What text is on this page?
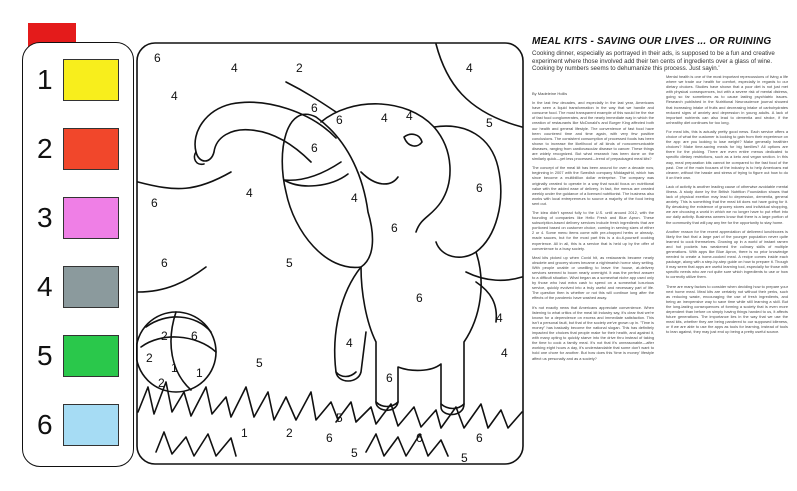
1
2
3
4
5
6
6
6
6
4
4	2	4
6
6	4 4
6
6
6
6
6
4
4
4
4	4
2 6
1 1
2
2
1	2	6	6	6
5
5	5
5
5
5
MEAL KITS - SAVING OUR LIVES ... OR RUINING
Cooking dinner, especially as portrayed in their ads, is supposed to be a fun and creative experiment where those involved add their ten cents of ingredients over a glass of wine. Cooking by numbers seems to dehumanize this process. Just sayin.'

By Madeleine Hollis

In the last few decades, and especially in the last year, Americans have seen a liquid transformation in the way that we handle and consume food. The most transparent example of this would be the rise of fast food conglomerates, and the nearly immediate way in which the creation of restaurants like McDonald's and Burger King affected both our health and general lifestyle. The convenience of fast food have been countered time and time again, with very few positive conclusions. The consistent consumption of processed foods has been shown to increase the likelihood of all kinds of noncommunicable diseases, ranging from cardiovascular disease to cancer. These things are widely recognized. But what research has been done on the similarly quick—yet less processed—trend of prepackaged meal kits?

The concept of the meal kit has been around for over a decade now, beginning in 2007 with the Swedish company Middagsfrid, which has since become a multibillion dollar enterprise. The company was originally created to operate in a way that would focus on nutritional value with the added ease of delivery. In fact, the menus are created weekly under the guidance of a licensed nutritionist. The business also works with local entrepreneurs to source a majority of the food being sent out.

The idea didn't spread fully to the U.S. until around 2012, with the founding of companies like Hello Fresh and Blue Apron. These subscription-based delivery services include fresh ingredients that are portioned based on customer choice, coming in serving sizes of either 2 or 4. Some menu items come with pre-chopped herbs or already-made sauces, but for the most part this is a do-it-yourself cooking experience. All in all, this is a service that is held up by the offer of convenience to a busy society.

Meal kits picked up when Covid hit, as restaurants became nearly obsolete and grocery stores became a nightmarish horror story setting. With people unable or unwilling to leave the house, at-delivery services seemed to boom nearly overnight. It was the perfect answer to a difficult situation. What began as a somewhat niche app used only by those who had extra cash to spend on a somewhat luxurious service, quickly evolved into a truly useful and necessary part of life. The question then is whether or not this will continue long after the effects of the pandemic have washed away.

It's not exactly news that Americans appreciate convenience. When listening to what critics of the meal kit industry say, it's clear that we're known for a dependence on excess and immediate satisfaction. This isn't a personal fault, but that of the society we've grown up in. "Time is money" has basically become the national slogan. This has definitely impacted the choices that people make for their health, and against it, with many opting to quickly starve into the drive thru instead of taking the time to cook a family meal. It's not that it's unreasonable—after working eight hours a day, it's understandable that some don't want to hold one chore for another. But how does this 'time is money' lifestyle affect us personally and as a society?

Mental health is one of the most important repercussions of living a life where we trade our health for comfort, especially in regards to our dietary choices. Studies have shown that a poor diet is not just met with physical consequences, but with a severe risk of mental distress, going so far sometimes as to cause lasting psychiatric issues. Research published in the Nutritional Neuroscience journal showed that increasing intake of fruits and decreasing intake of carbohydrates reduced signs of anxiety and depression in young adults. A lack of important nutrients can also lead to dementia and stroke, if the unhealthy diet continues for too long.

For meal kits, this is actually pretty good news. Each service offers a choice of what the customer is looking to gain from their experience on the app: are you looking to lose weight? Make generally healthier choices? Make time-saving meals for big families? All options are there for the picking. There are even entire menus dedicated to specific dietary restrictions, such as a keto and vegan section. In this way, meal preparation kits cannot be compared to the fast food of the past. One of the main focuses of the industry is to help Americans eat cleaner, without the hassle and stress of trying to figure out how to do it on their own.

Lack of activity is another leading cause of otherwise avoidable mental illness. A study done by the British Nutrition Foundation shows that lack of physical exertion may lead to depression, dementia, general anxiety. This is something that the meal kit does not have going for it. By devaluing the existence of grocery stores and individual shopping, we are choosing a world in which we no longer have to put effort into our daily activity. Business owners know that there is a large portion of the community that will pay any fee for the opportunity to stay home.

Another reason for the recent appreciation of delivered lunchboxes is likely the fact that a large part of the younger population never quite learned to cook themselves. Growing up in a world of instant ramen and hot pockets has weakened the culinary skills of multiple generations. With apps like Blue Apron, there is no prior knowledge needed to create a home-cooked meal. A recipe comes inside each package, along with a step-by-step guide on how to prepare it. Though it may seem that apps are useful learning tool, especially for those with specific needs who are not quite sure which ingredients to use or how to correctly utilize them.

There are many factors to consider when deciding how to prepare your next home meal. Meal kits are certainly not without their perks, such as reducing waste, encouraging the use of fresh ingredients, and being an inexpensive way to save time while still learning a skill. But the long-lasting consequences of forming a society that is even more dependent than before on simply having things handed to us, it affects future generations. The importance lies in the way that we use the meal kits, whether they are being pandered to our supposed idleness, or if we are able to use the apps as tools for learning, instead of tools to lean against, they may just end up being a pretty useful source.
